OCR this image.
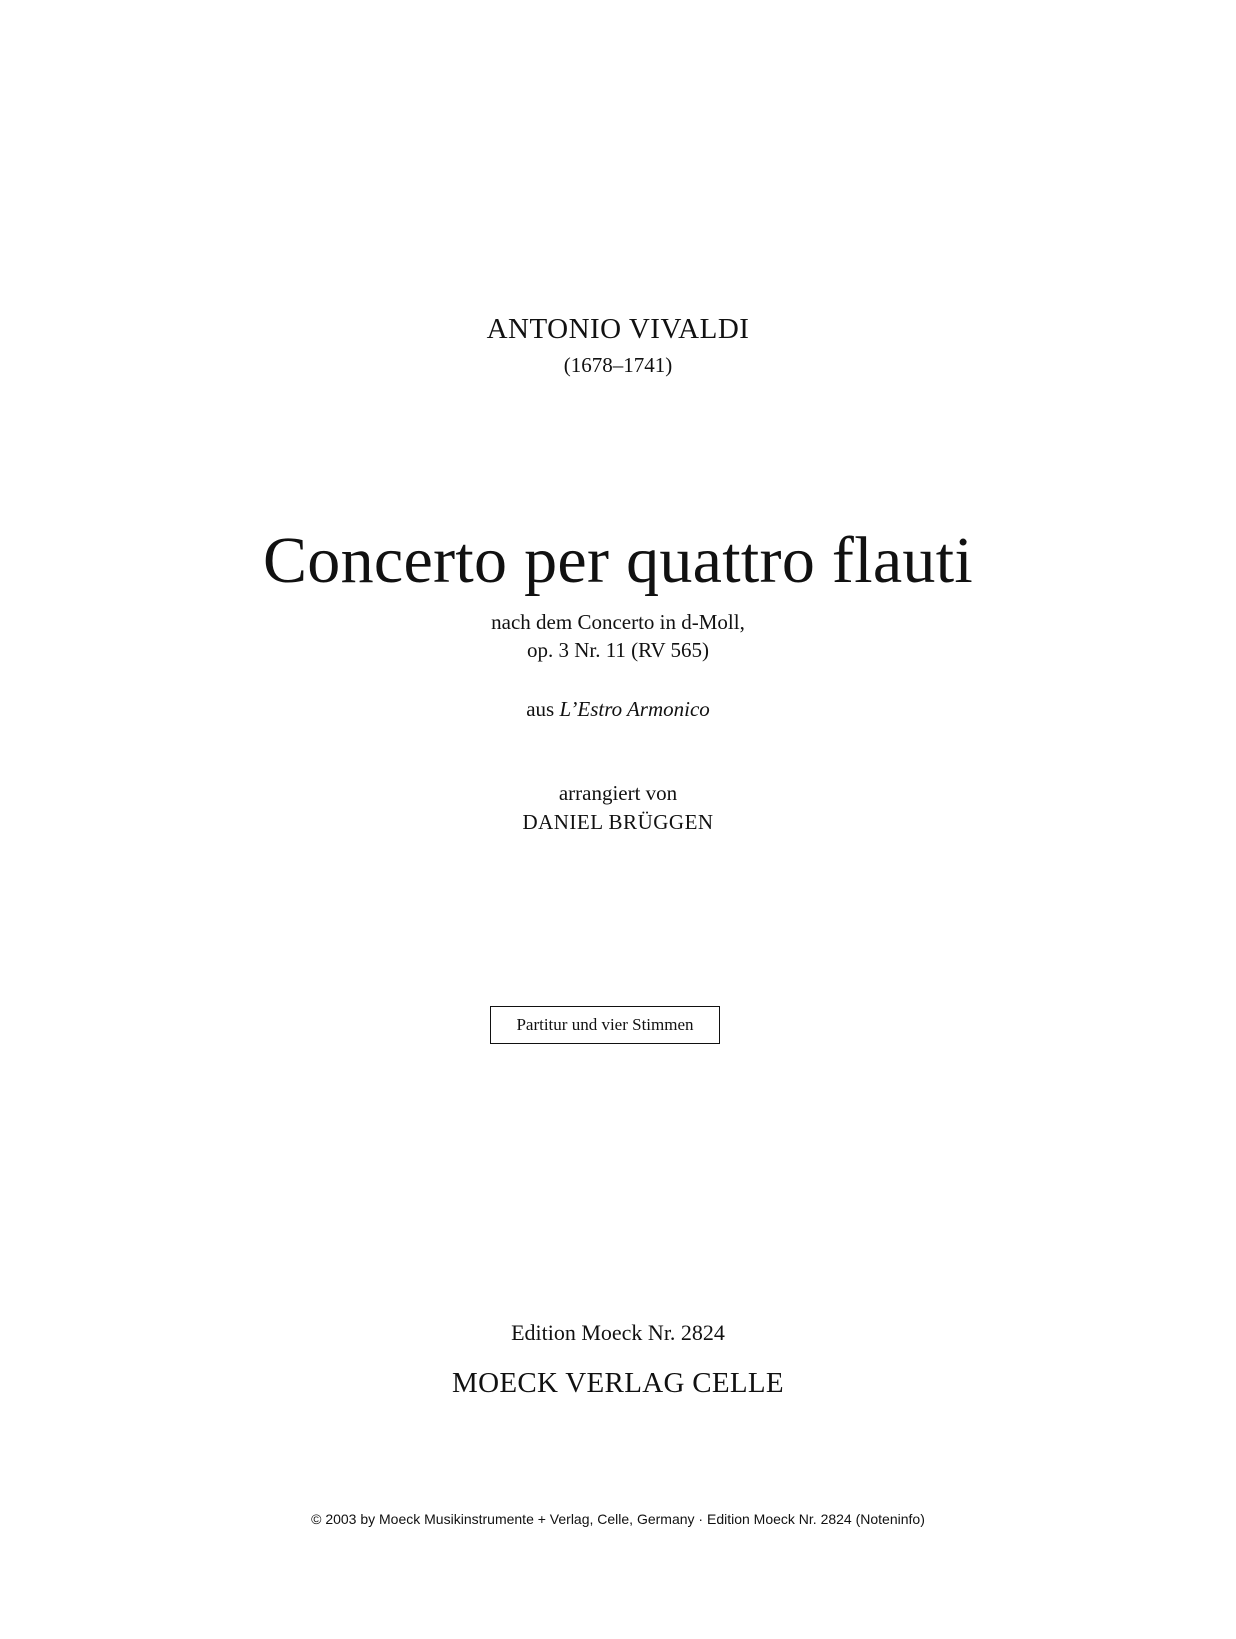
ANTONIO VIVALDI
(1678–1741)
Concerto per quattro flauti
nach dem Concerto in d-Moll,
op. 3 Nr. 11 (RV 565)
aus L’Estro Armonico
arrangiert von
DANIEL BRÜGGEN
Partitur und vier Stimmen
Edition Moeck Nr. 2824
MOECK VERLAG CELLE
© 2003 by Moeck Musikinstrumente + Verlag, Celle, Germany · Edition Moeck Nr. 2824 (Noteninfo)
